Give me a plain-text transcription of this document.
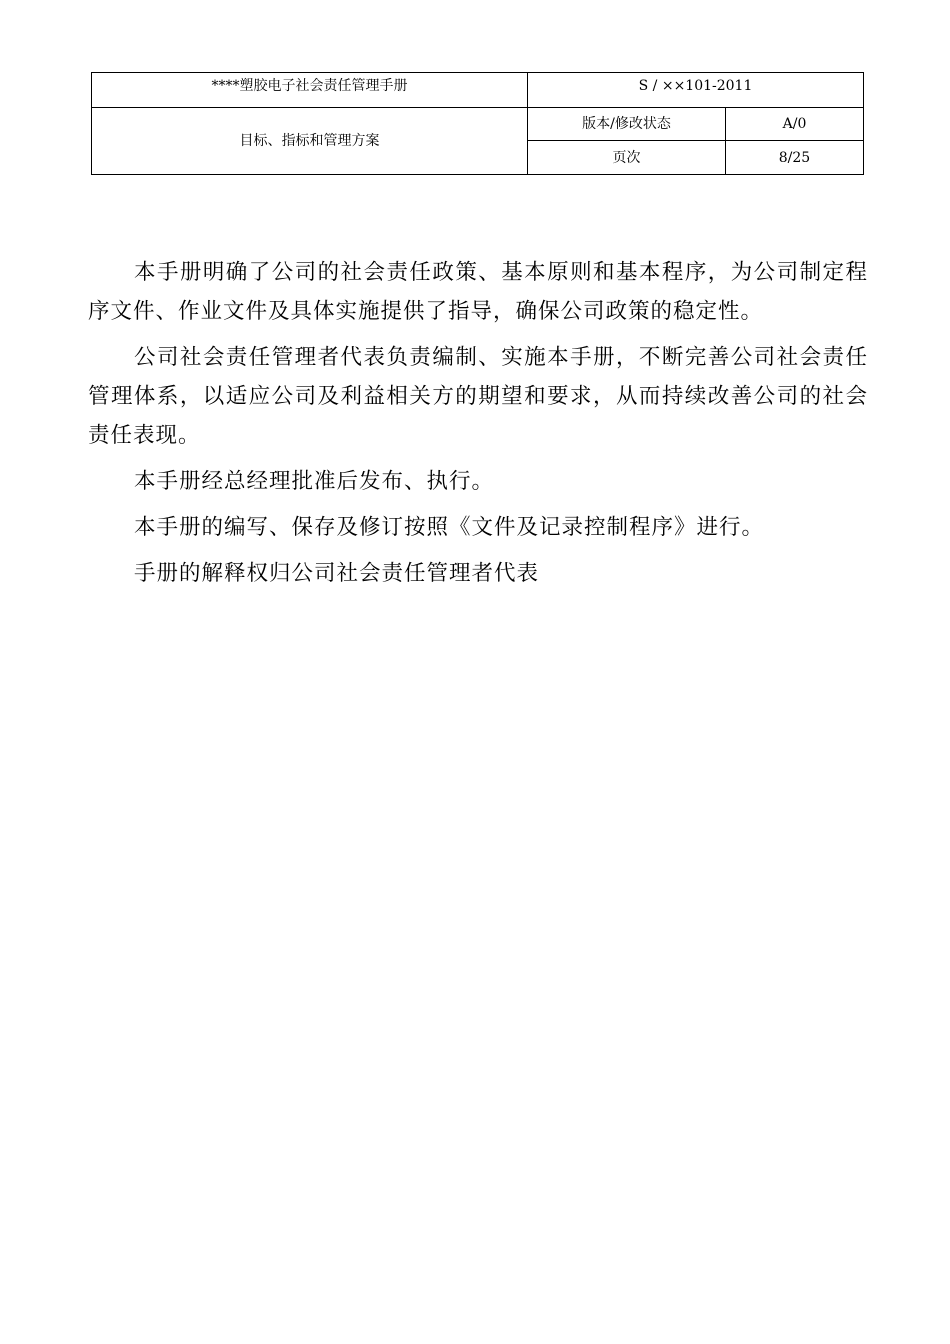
****塑胶电子社会责任管理手册	S / ××101-2011	
目标、指标和管理方案	版本/修改状态	A/0
	页次	8/25

本手册明确了公司的社会责任政策、基本原则和基本程序，为公司制定程序文件、作业文件及具体实施提供了指导，确保公司政策的稳定性。

公司社会责任管理者代表负责编制、实施本手册，不断完善公司社会责任管理体系，以适应公司及利益相关方的期望和要求，从而持续改善公司的社会责任表现。

本手册经总经理批准后发布、执行。

本手册的编写、保存及修订按照《文件及记录控制程序》进行。

手册的解释权归公司社会责任管理者代表
